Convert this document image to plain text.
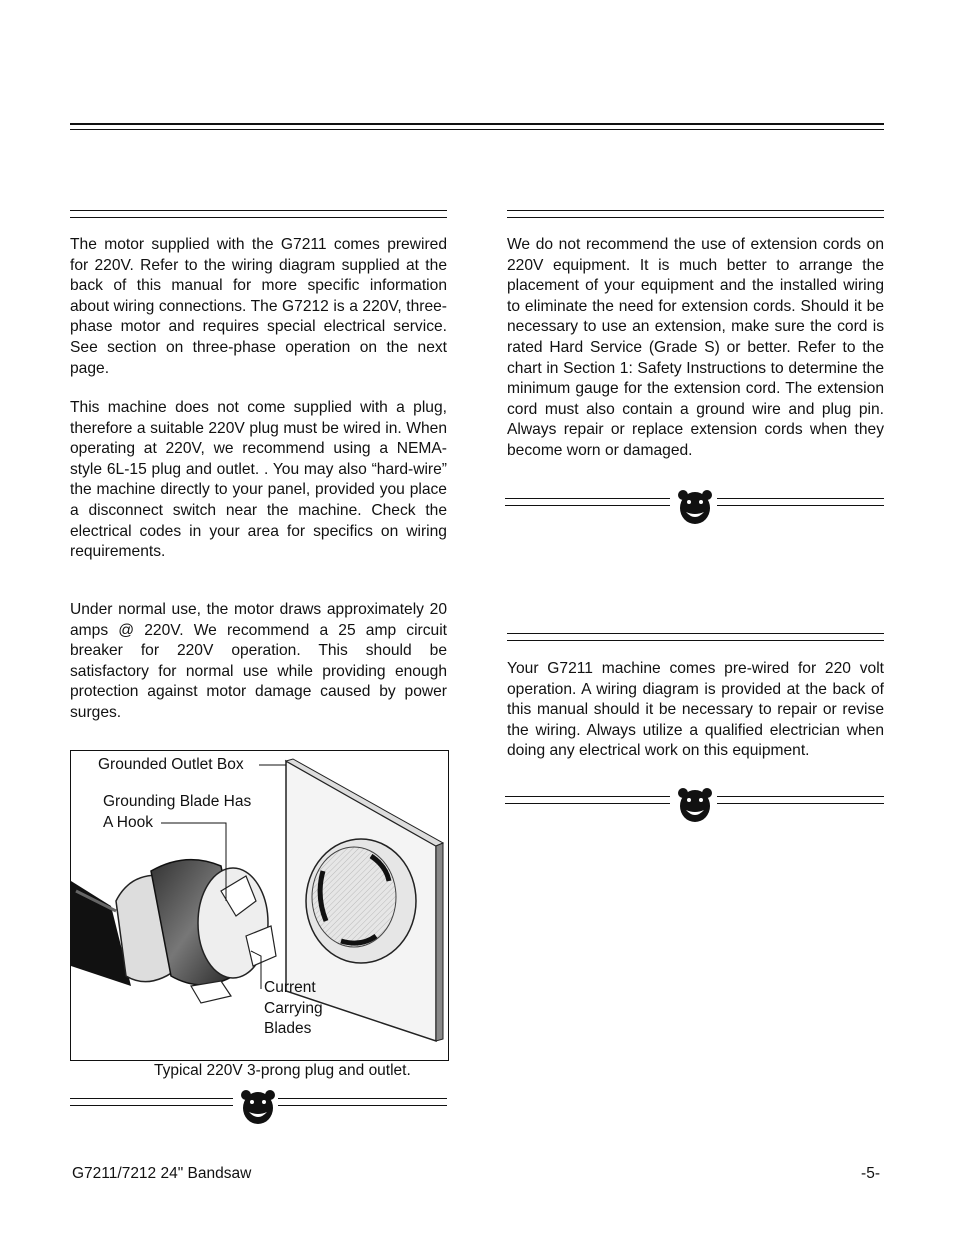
The motor supplied with the G7211 comes prewired for 220V. Refer to the wiring diagram supplied at the back of this manual for more specific information about wiring connections. The G7212 is a 220V, three-phase motor and requires special electrical service. See section on three-phase operation on the next page.

This machine does not come supplied with a plug, therefore a suitable 220V plug must be wired in. When operating at 220V, we recommend using a NEMA-style 6L-15 plug and outlet. . You may also “hard-wire” the machine directly to your panel, provided you place a disconnect switch near the machine. Check the electrical codes in your area for specifics on wiring requirements.

Under normal use, the motor draws approximately 20 amps @ 220V. We recommend a 25 amp circuit breaker for 220V operation. This should be satisfactory for normal use while providing enough protection against motor damage caused by power surges.

Grounded Outlet Box
Grounding Blade Has
A Hook
Current
Carrying
Blades
Typical 220V 3-prong plug and outlet.

We do not recommend the use of extension cords on 220V equipment. It is much better to arrange the placement of your equipment and the installed wiring to eliminate the need for extension cords. Should it be necessary to use an extension, make sure the cord is rated Hard Service (Grade S) or better. Refer to the chart in Section 1: Safety Instructions to determine the minimum gauge for the extension cord. The extension cord must also contain a ground wire and plug pin. Always repair or replace extension cords when they become worn or damaged.

Your G7211 machine comes pre-wired for 220 volt operation. A wiring diagram is provided at the back of this manual should it be necessary to repair or revise the wiring. Always utilize a qualified electrician when doing any electrical work on this equipment.

G7211/7212 24" Bandsaw	-5-
